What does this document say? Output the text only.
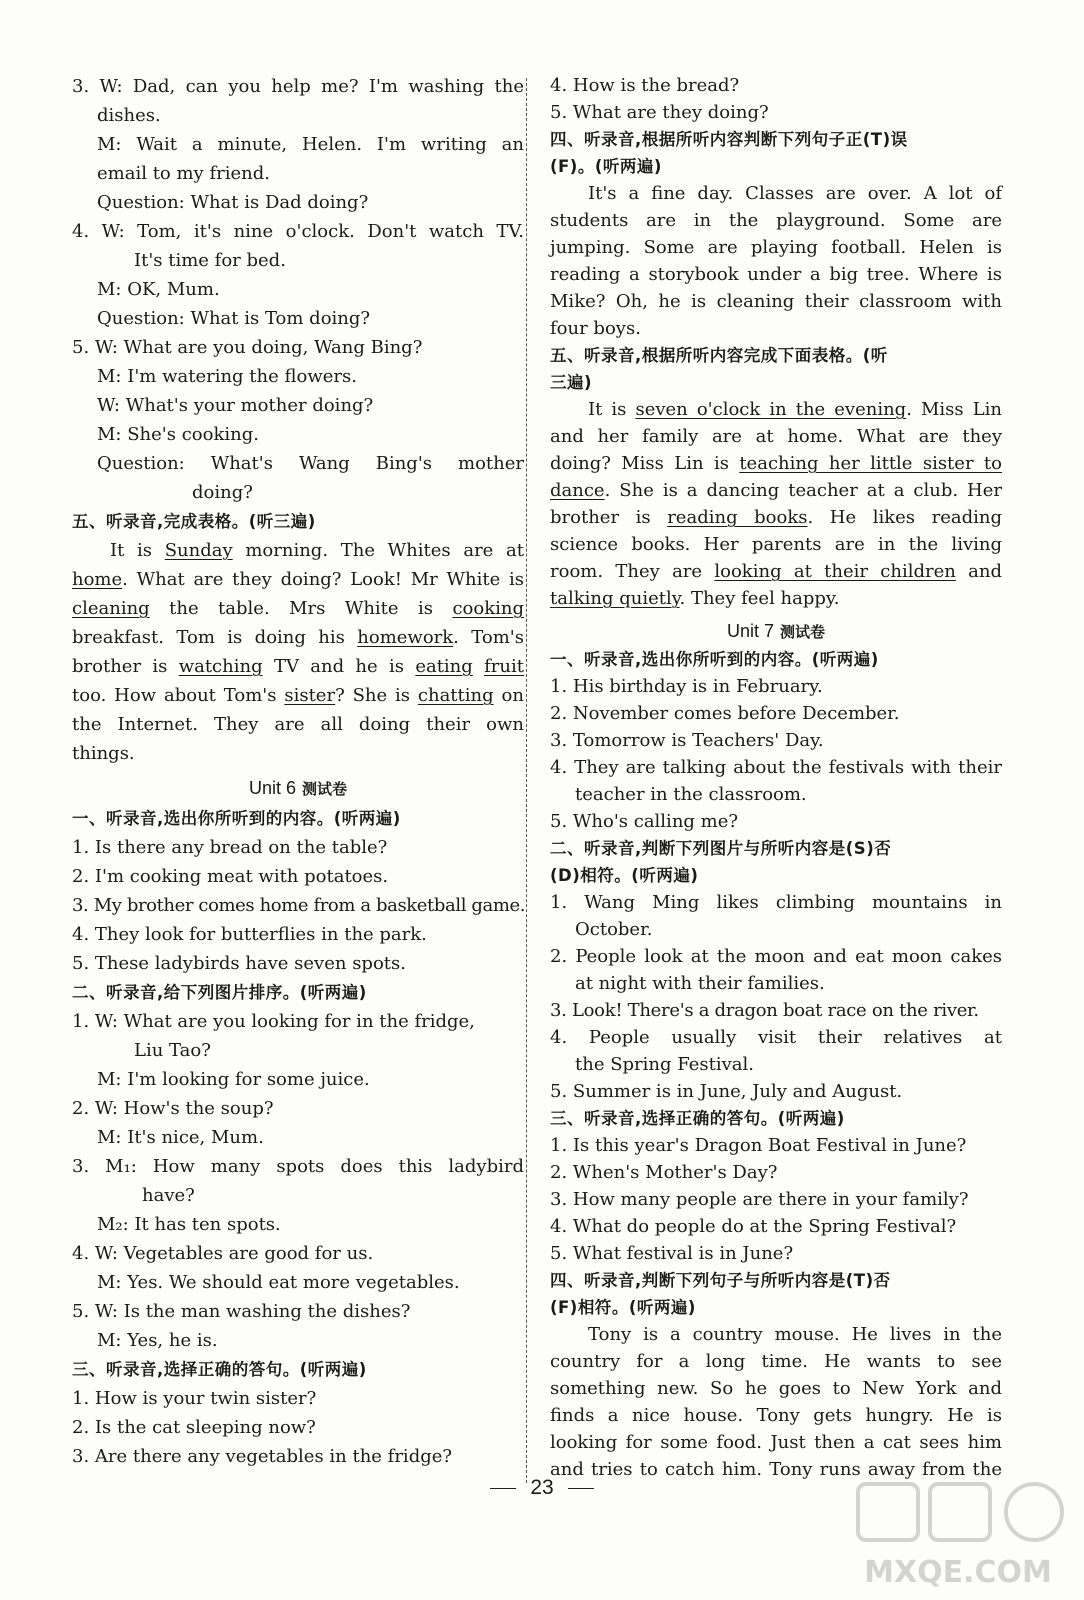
3. W: Dad, can you help me? I'm washing the
dishes.
M: Wait a minute, Helen. I'm writing an
email to my friend.
Question: What is Dad doing?
4. W: Tom, it's nine o'clock. Don't watch TV.
It's time for bed.
M: OK, Mum.
Question: What is Tom doing?
5. W: What are you doing, Wang Bing?
M: I'm watering the flowers.
W: What's your mother doing?
M: She's cooking.
Question: What's Wang Bing's mother
doing?
五、听录音,完成表格。(听三遍)
It is Sunday morning. The Whites are at
home. What are they doing? Look! Mr White is
cleaning the table. Mrs White is cooking
breakfast. Tom is doing his homework. Tom's
brother is watching TV and he is eating fruit
too. How about Tom's sister? She is chatting on
the Internet. They are all doing their own
things.
Unit 6 测试卷
一、听录音,选出你所听到的内容。(听两遍)
1. Is there any bread on the table?
2. I'm cooking meat with potatoes.
3. My brother comes home from a basketball game.
4. They look for butterflies in the park.
5. These ladybirds have seven spots.
二、听录音,给下列图片排序。(听两遍)
1. W: What are you looking for in the fridge,
Liu Tao?
M: I'm looking for some juice.
2. W: How's the soup?
M: It's nice, Mum.
3. M₁: How many spots does this ladybird
have?
M₂: It has ten spots.
4. W: Vegetables are good for us.
M: Yes. We should eat more vegetables.
5. W: Is the man washing the dishes?
M: Yes, he is.
三、听录音,选择正确的答句。(听两遍)
1. How is your twin sister?
2. Is the cat sleeping now?
3. Are there any vegetables in the fridge?
4. How is the bread?
5. What are they doing?
四、听录音,根据所听内容判断下列句子正(T)误
(F)。(听两遍)
It's a fine day. Classes are over. A lot of
students are in the playground. Some are
jumping. Some are playing football. Helen is
reading a storybook under a big tree. Where is
Mike? Oh, he is cleaning their classroom with
four boys.
五、听录音,根据所听内容完成下面表格。(听
三遍)
It is seven o'clock in the evening. Miss Lin
and her family are at home. What are they
doing? Miss Lin is teaching her little sister to
dance. She is a dancing teacher at a club. Her
brother is reading books. He likes reading
science books. Her parents are in the living
room. They are looking at their children and
talking quietly. They feel happy.
Unit 7 测试卷
一、听录音,选出你所听到的内容。(听两遍)
1. His birthday is in February.
2. November comes before December.
3. Tomorrow is Teachers' Day.
4. They are talking about the festivals with their
teacher in the classroom.
5. Who's calling me?
二、听录音,判断下列图片与所听内容是(S)否
(D)相符。(听两遍)
1. Wang Ming likes climbing mountains in
October.
2. People look at the moon and eat moon cakes
at night with their families.
3. Look! There's a dragon boat race on the river.
4. People usually visit their relatives at
the Spring Festival.
5. Summer is in June, July and August.
三、听录音,选择正确的答句。(听两遍)
1. Is this year's Dragon Boat Festival in June?
2. When's Mother's Day?
3. How many people are there in your family?
4. What do people do at the Spring Festival?
5. What festival is in June?
四、听录音,判断下列句子与所听内容是(T)否
(F)相符。(听两遍)
Tony is a country mouse. He lives in the
country for a long time. He wants to see
something new. So he goes to New York and
finds a nice house. Tony gets hungry. He is
looking for some food. Just then a cat sees him
and tries to catch him. Tony runs away from the
23
MXQE.COM
